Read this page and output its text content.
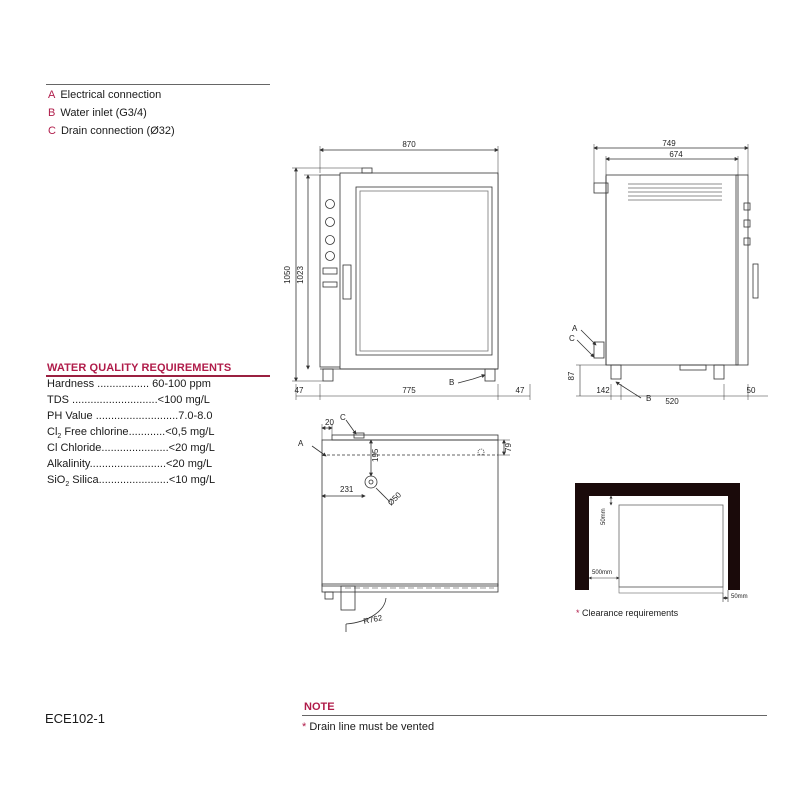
A Electrical connection
B Water inlet (G3/4)
C Drain connection (Ø32)
WATER QUALITY REQUIREMENTS
Hardness ................. 60-100 ppm
TDS ............................<100 mg/L
PH Value ...........................7.0-8.0
$Cl_2$ Free chlorine............<0,5 mg/L
Cl Chloride......................<20 mg/L
Alkalinity.........................<20 mg/L
SiO$_2$ Silica.......................<10 mg/L
ECE102-1
NOTE
* Drain line must be vented
* Clearance requirements
870
1050 1023
47	775	47
B
749
674
87
142
520
50
A
C
B
20
79
195
231
Ø50
R762
A
C
50mm
500mm
50mm
